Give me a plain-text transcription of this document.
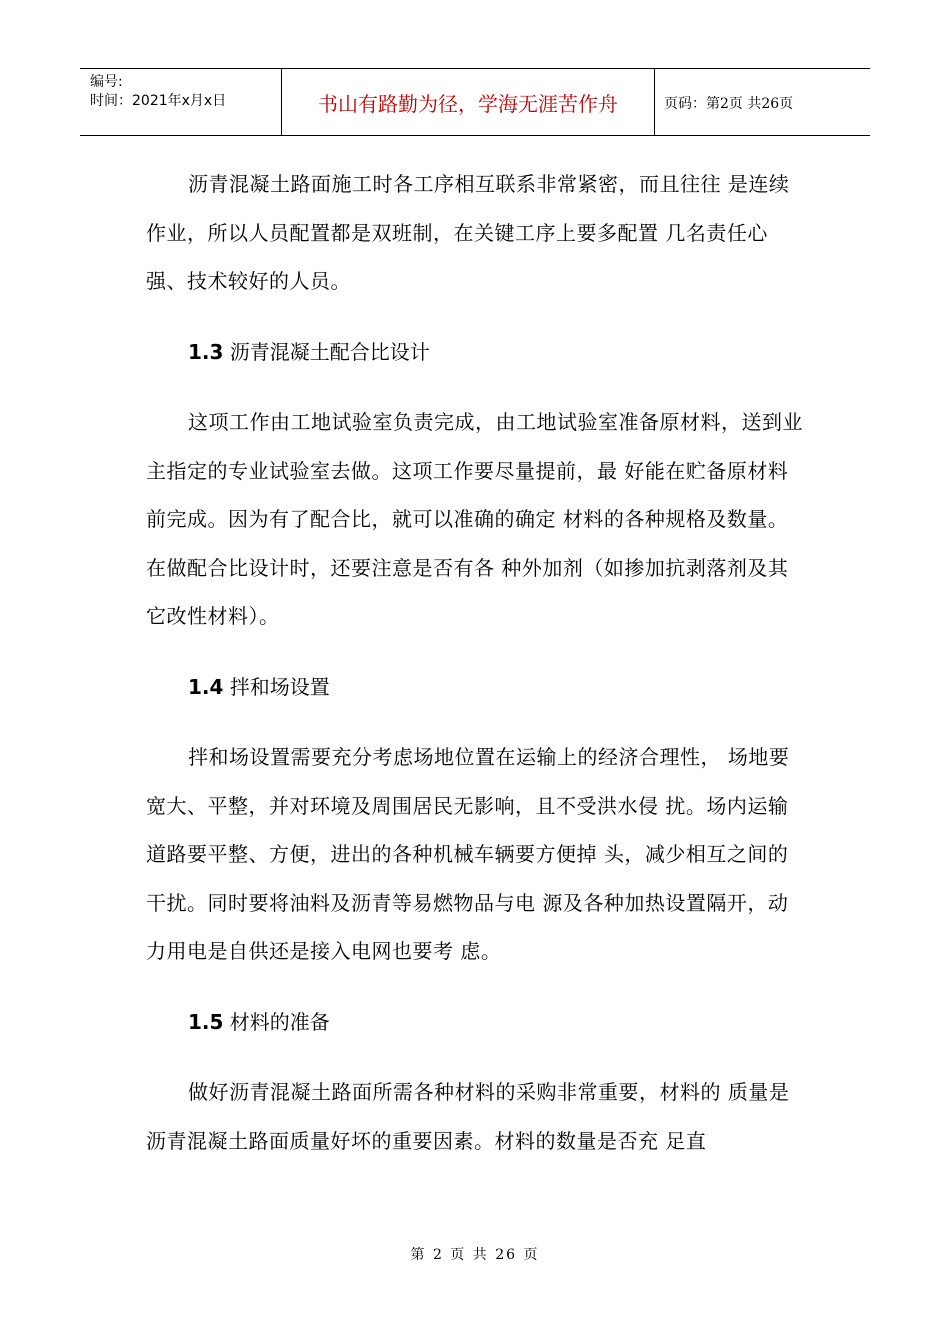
编号:
时间：2021年x月x日	书山有路勤为径，学海无涯苦作舟	页码：第2页 共26页

沥青混凝土路面施工时各工序相互联系非常紧密，而且往往 是连续作业，所以人员配置都是双班制，在关键工序上要多配置 几名责任心强、技术较好的人员。

1.3 沥青混凝土配合比设计

这项工作由工地试验室负责完成，由工地试验室准备原材料，送到业主指定的专业试验室去做。这项工作要尽量提前，最 好能在贮备原材料前完成。因为有了配合比，就可以准确的确定 材料的各种规格及数量。在做配合比设计时，还要注意是否有各 种外加剂（如掺加抗剥落剂及其它改性材料）。

1.4 拌和场设置

拌和场设置需要充分考虑场地位置在运输上的经济合理性， 场地要宽大、平整，并对环境及周围居民无影响，且不受洪水侵 扰。场内运输道路要平整、方便，进出的各种机械车辆要方便掉 头，减少相互之间的干扰。同时要将油料及沥青等易燃物品与电 源及各种加热设置隔开，动力用电是自供还是接入电网也要考 虑。

1.5 材料的准备

做好沥青混凝土路面所需各种材料的采购非常重要，材料的 质量是沥青混凝土路面质量好坏的重要因素。材料的数量是否充 足直

第 2 页 共 26 页
